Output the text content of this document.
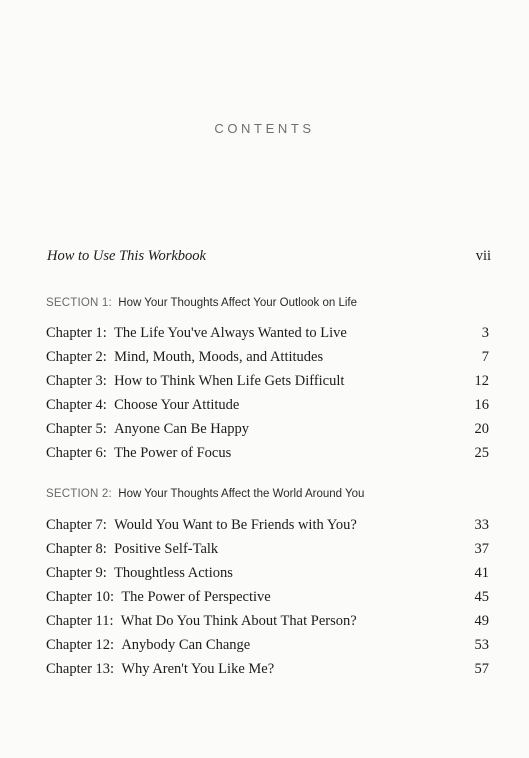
CONTENTS
How to Use This Workbook	vii
SECTION 1: How Your Thoughts Affect Your Outlook on Life
Chapter 1: The Life You've Always Wanted to Live	3
Chapter 2: Mind, Mouth, Moods, and Attitudes	7
Chapter 3: How to Think When Life Gets Difficult	12
Chapter 4: Choose Your Attitude	16
Chapter 5: Anyone Can Be Happy	20
Chapter 6: The Power of Focus	25
SECTION 2: How Your Thoughts Affect the World Around You
Chapter 7: Would You Want to Be Friends with You?	33
Chapter 8: Positive Self-Talk	37
Chapter 9: Thoughtless Actions	41
Chapter 10: The Power of Perspective	45
Chapter 11: What Do You Think About That Person?	49
Chapter 12: Anybody Can Change	53
Chapter 13: Why Aren't You Like Me?	57
